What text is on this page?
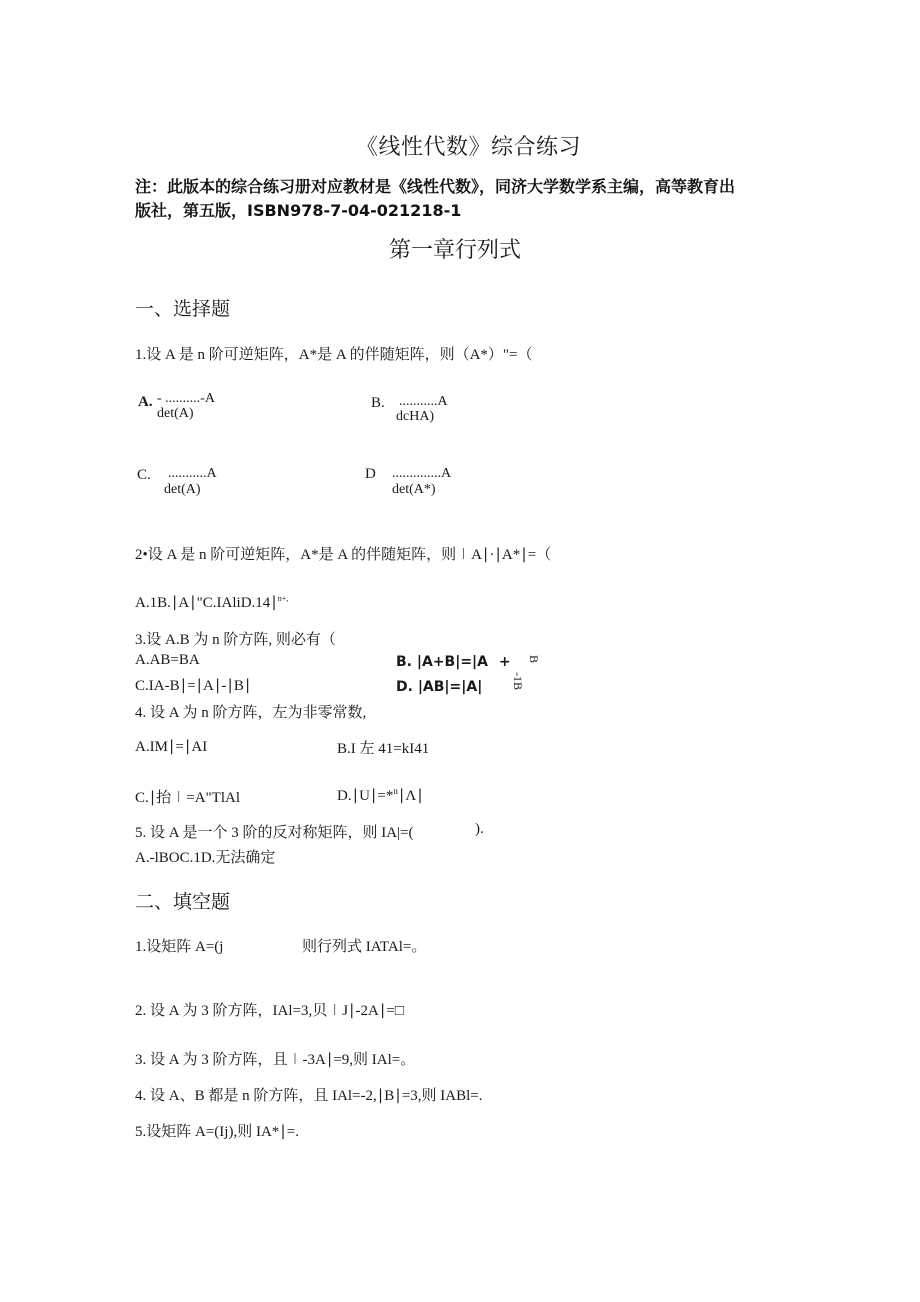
《线性代数》综合练习
注：此版本的综合练习册对应教材是《线性代数》，同济大学数学系主编，高等教育出
版社，第五版，ISBN978-7-04-021218-1
第一章行列式
一、选择题
1.设 A 是 n 阶可逆矩阵，A*是 A 的伴随矩阵，则（A*）"=（
A. - ..........-A
det(A)
B. ...........A
dcHA)
C. ...........A
det(A)
D ..............A
det(A*)
2•设 A 是 n 阶可逆矩阵，A*是 A 的伴随矩阵，则∣A∣·∣A*∣=（
A.1B.∣A∣"C.IAliD.14∣$^{n+,}$
3.设 A.B 为 n 阶方阵, 则必有（
A.AB=BA
C.IA-B∣=∣A∣-∣B∣
B. |A+B|=|A +
D. |AB|=|A|
B
-1B
4. 设 A 为 n 阶方阵，左为非零常数,
A.IM∣=∣AI	B.I 左 41=kI41
C.∣抬∣=A"TlAl	D.∣U∣=*$^n$∣Λ∣
5. 设 A 是一个 3 阶的反对称矩阵，则 IA|=(	).
A.-lBOC.1D.无法确定
二、填空题
1.设矩阵 A=(j	则行列式 IATAl=。
2. 设 A 为 3 阶方阵，IAl=3,贝∣J∣-2A∣=□
3. 设 A 为 3 阶方阵，且∣-3A∣=9,则 IAl=。
4. 设 A、B 都是 n 阶方阵，且 IAl=-2,∣B∣=3,则 IABl=.
5.设矩阵 A=(Ij),则 IA*∣=.
